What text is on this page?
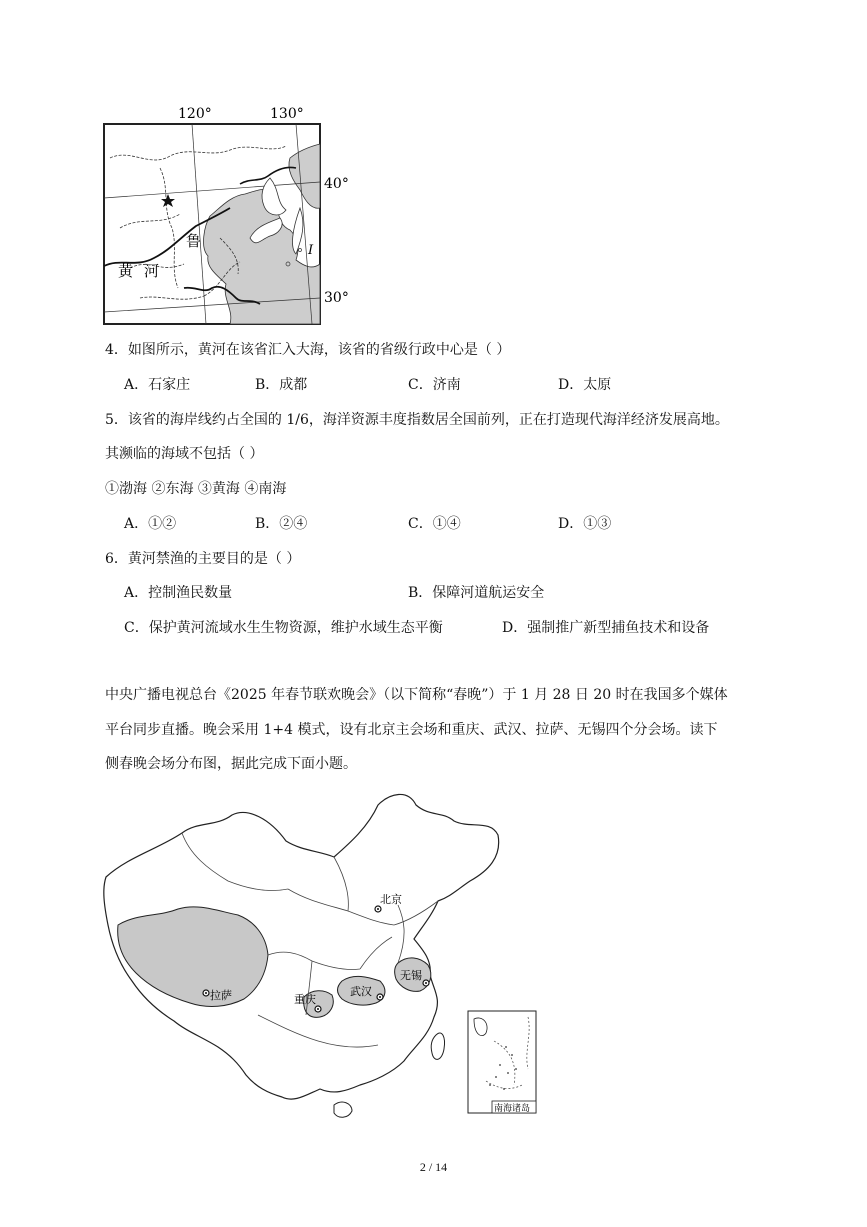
120°	130°
40°
30°
鲁
黄 河
I
4．如图所示，黄河在该省汇入大海，该省的省级行政中心是（ ）
A．石家庄	B．成都	C．济南	D．太原
5．该省的海岸线约占全国的 1/6，海洋资源丰度指数居全国前列，正在打造现代海洋经济发展高地。
其濒临的海域不包括（ ）
①渤海 ②东海 ③黄海 ④南海
A．①②	B．②④	C．①④	D．①③
6．黄河禁渔的主要目的是（ ）
A．控制渔民数量	B．保障河道航运安全
C．保护黄河流域水生生物资源，维护水域生态平衡	D．强制推广新型捕鱼技术和设备
中央广播电视总台《2025 年春节联欢晚会》（以下简称“春晚”）于 1 月 28 日 20 时在我国多个媒体
平台同步直播。晚会采用 1+4 模式，设有北京主会场和重庆、武汉、拉萨、无锡四个分会场。读下
侧春晚会场分布图，据此完成下面小题。
北京
拉萨	重庆
武汉
无锡
南海诸岛
2 / 14
